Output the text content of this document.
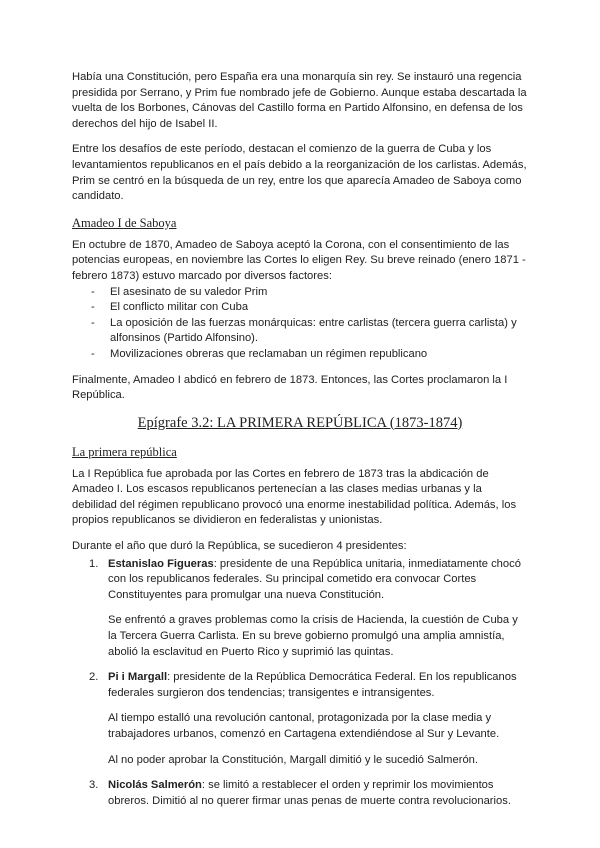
Había una Constitución, pero España era una monarquía sin rey. Se instauró una regencia presidida por Serrano, y Prim fue nombrado jefe de Gobierno. Aunque estaba descartada la vuelta de los Borbones, Cánovas del Castillo forma en Partido Alfonsino, en defensa de los derechos del hijo de Isabel II.

Entre los desafíos de este período, destacan el comienzo de la guerra de Cuba y los levantamientos republicanos en el país debido a la reorganización de los carlistas. Además, Prim se centró en la búsqueda de un rey, entre los que aparecía Amadeo de Saboya como candidato.

Amadeo I de Saboya

En octubre de 1870, Amadeo de Saboya aceptó la Corona, con el consentimiento de las potencias europeas, en noviembre las Cortes lo eligen Rey. Su breve reinado (enero 1871 - febrero 1873) estuvo marcado por diversos factores:

- El asesinato de su valedor Prim
- El conflicto militar con Cuba
- La oposición de las fuerzas monárquicas: entre carlistas (tercera guerra carlista) y alfonsinos (Partido Alfonsino).
- Movilizaciones obreras que reclamaban un régimen republicano

Finalmente, Amadeo I abdicó en febrero de 1873. Entonces, las Cortes proclamaron la I República.

Epígrafe 3.2: LA PRIMERA REPÚBLICA (1873-1874)
La primera república

La I República fue aprobada por las Cortes en febrero de 1873 tras la abdicación de Amadeo I. Los escasos republicanos pertenecían a las clases medias urbanas y la debilidad del régimen republicano provocó una enorme inestabilidad política. Además, los propios republicanos se dividieron en federalistas y unionistas.

Durante el año que duró la República, se sucedieron 4 presidentes:

1. Estanislao Figueras: presidente de una República unitaria, inmediatamente chocó con los republicanos federales. Su principal cometido era convocar Cortes Constituyentes para promulgar una nueva Constitución.
Se enfrentó a graves problemas como la crisis de Hacienda, la cuestión de Cuba y la Tercera Guerra Carlista. En su breve gobierno promulgó una amplia amnistía, abolió la esclavitud en Puerto Rico y suprimió las quintas.
2. Pi i Margall: presidente de la República Democrática Federal. En los republicanos federales surgieron dos tendencias; transigentes e intransigentes.
Al tiempo estalló una revolución cantonal, protagonizada por la clase media y trabajadores urbanos, comenzó en Cartagena extendiéndose al Sur y Levante.
Al no poder aprobar la Constitución, Margall dimitió y le sucedió Salmerón.
3. Nicolás Salmerón: se limitó a restablecer el orden y reprimir los movimientos obreros. Dimitió al no querer firmar unas penas de muerte contra revolucionarios.
